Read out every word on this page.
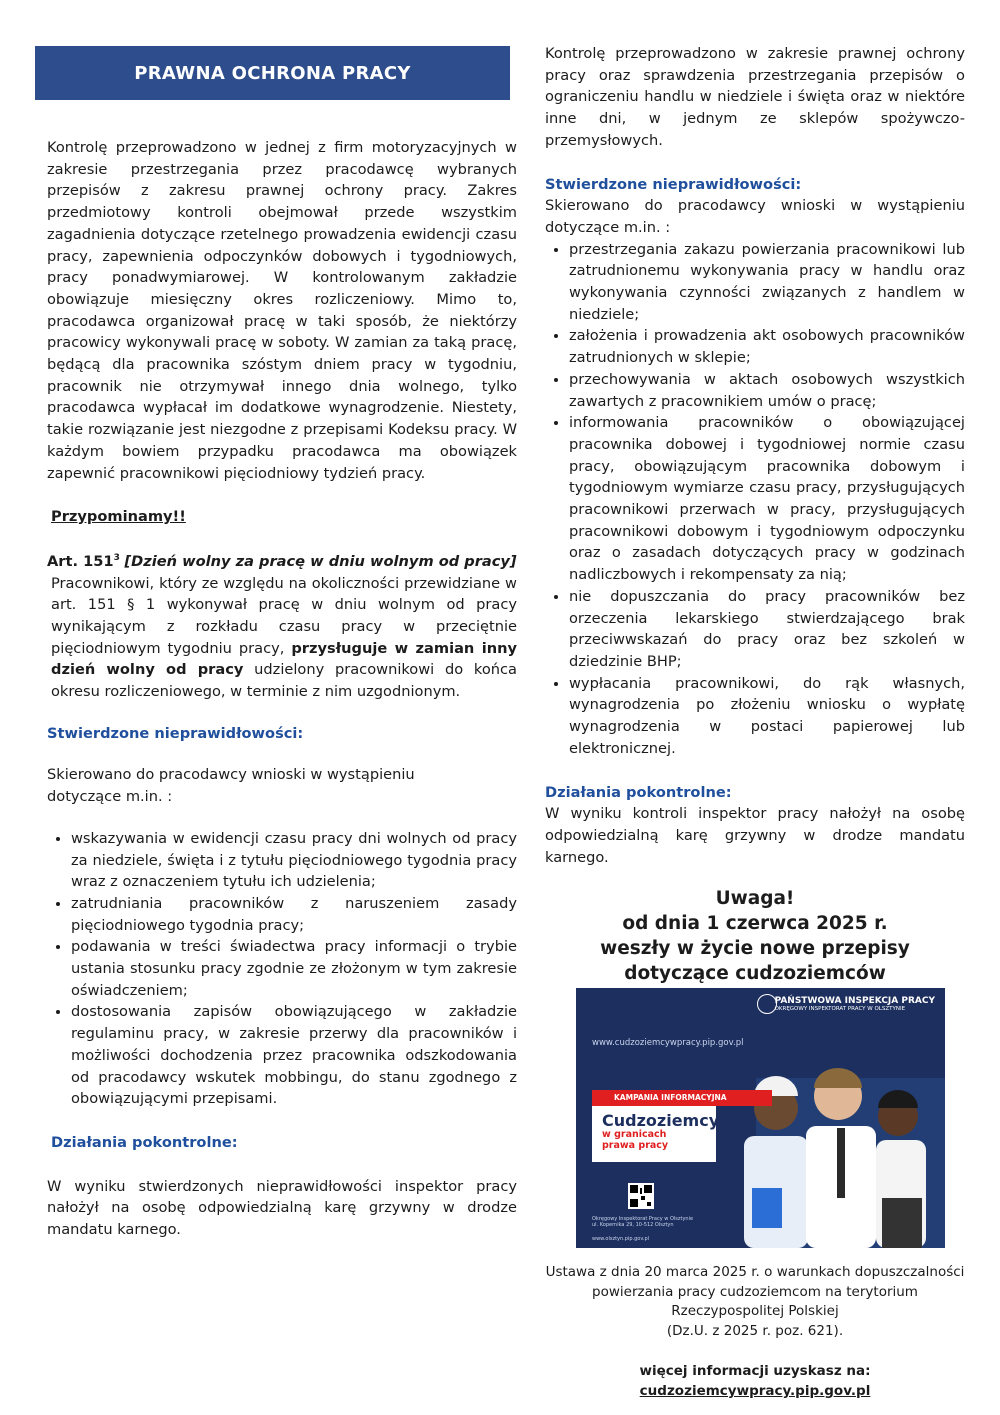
PRAWNA OCHRONA PRACY

Kontrolę przeprowadzono w jednej z firm motoryzacyjnych w zakresie przestrzegania przez pracodawcę wybranych przepisów z zakresu prawnej ochrony pracy. Zakres przedmiotowy kontroli obejmował przede wszystkim zagadnienia dotyczące rzetelnego prowadzenia ewidencji czasu pracy, zapewnienia odpoczynków dobowych i tygodniowych, pracy ponadwymiarowej. W kontrolowanym zakładzie obowiązuje miesięczny okres rozliczeniowy. Mimo to, pracodawca organizował pracę w taki sposób, że niektórzy pracowicy wykonywali pracę w soboty. W zamian za taką pracę, będącą dla pracownika szóstym dniem pracy w tygodniu, pracownik nie otrzymywał innego dnia wolnego, tylko pracodawca wypłacał im dodatkowe wynagrodzenie. Niestety, takie rozwiązanie jest niezgodne z przepisami Kodeksu pracy. W każdym bowiem przypadku pracodawca ma obowiązek zapewnić pracownikowi pięciodniowy tydzień pracy.

Przypominamy!!

Art. $151^3$ [Dzień wolny za pracę w dniu wolnym od pracy]

Pracownikowi, który ze względu na okoliczności przewidziane w art. 151 § 1 wykonywał pracę w dniu wolnym od pracy wynikającym z rozkładu czasu pracy w przeciętnie pięciodniowym tygodniu pracy, przysługuje w zamian inny dzień wolny od pracy udzielony pracownikowi do końca okresu rozliczeniowego, w terminie z nim uzgodnionym.

Stwierdzone nieprawidłowości:

Skierowano do pracodawcy wnioski w wystąpieniu dotyczące m.in. :

• wskazywania w ewidencji czasu pracy dni wolnych od pracy za niedziele, święta i z tytułu pięciodniowego tygodnia pracy wraz z oznaczeniem tytułu ich udzielenia;
• zatrudniania pracowników z naruszeniem zasady pięciodniowego tygodnia pracy;
• podawania w treści świadectwa pracy informacji o trybie ustania stosunku pracy zgodnie ze złożonym w tym zakresie oświadczeniem;
• dostosowania zapisów obowiązującego w zakładzie regulaminu pracy, w zakresie przerwy dla pracowników i możliwości dochodzenia przez pracownika odszkodowania od pracodawcy wskutek mobbingu, do stanu zgodnego z obowiązującymi przepisami.

Działania pokontrolne:

W wyniku stwierdzonych nieprawidłowości inspektor pracy nałożył na osobę odpowiedzialną karę grzywny w drodze mandatu karnego.

Kontrolę przeprowadzono w zakresie prawnej ochrony pracy oraz sprawdzenia przestrzegania przepisów o ograniczeniu handlu w niedziele i święta oraz w niektóre inne dni, w jednym ze sklepów spożywczo-przemysłowych.

Stwierdzone nieprawidłowości:

Skierowano do pracodawcy wnioski w wystąpieniu dotyczące m.in. :

• przestrzegania zakazu powierzania pracownikowi lub zatrudnionemu wykonywania pracy w handlu oraz wykonywania czynności związanych z handlem w niedziele;
• założenia i prowadzenia akt osobowych pracowników zatrudnionych w sklepie;
• przechowywania w aktach osobowych wszystkich zawartych z pracownikiem umów o pracę;
• informowania pracowników o obowiązującej pracownika dobowej i tygodniowej normie czasu pracy, obowiązującym pracownika dobowym i tygodniowym wymiarze czasu pracy, przysługujących pracownikowi przerwach w pracy, przysługujących pracownikowi dobowym i tygodniowym odpoczynku oraz o zasadach dotyczących pracy w godzinach nadliczbowych i rekompensaty za nią;
• nie dopuszczania do pracy pracowników bez orzeczenia lekarskiego stwierdzającego brak przeciwwskazań do pracy oraz bez szkoleń w dziedzinie BHP;
• wypłacania pracownikowi, do rąk własnych, wynagrodzenia po złożeniu wniosku o wypłatę wynagrodzenia w postaci papierowej lub elektronicznej.

Działania pokontrolne:

W wyniku kontroli inspektor pracy nałożył na osobę odpowiedzialną karę grzywny w drodze mandatu karnego.

Uwaga!
od dnia 1 czerwca 2025 r.
weszły w życie nowe przepisy dotyczące cudzoziemców
PAŃSTWOWA INSPEKCJA PRACY
OKRĘGOWY INSPEKTORAT PRACY W OLSZTYNIE
www.cudzoziemcywpracy.pip.gov.pl
KAMPANIA INFORMACYJNA
Cudzoziemcy
w granicach
prawa pracy
Okręgowy Inspektorat Pracy w Olsztynie
ul. Kopernika 29, 10-512 Olsztyn
www.olsztyn.pip.gov.pl
Ustawa z dnia 20 marca 2025 r. o warunkach dopuszczalności powierzania pracy cudzoziemcom na terytorium Rzeczypospolitej Polskiej
(Dz.U. z 2025 r. poz. 621).
więcej informacji uzyskasz na:
cudzoziemcywpracy.pip.gov.pl
